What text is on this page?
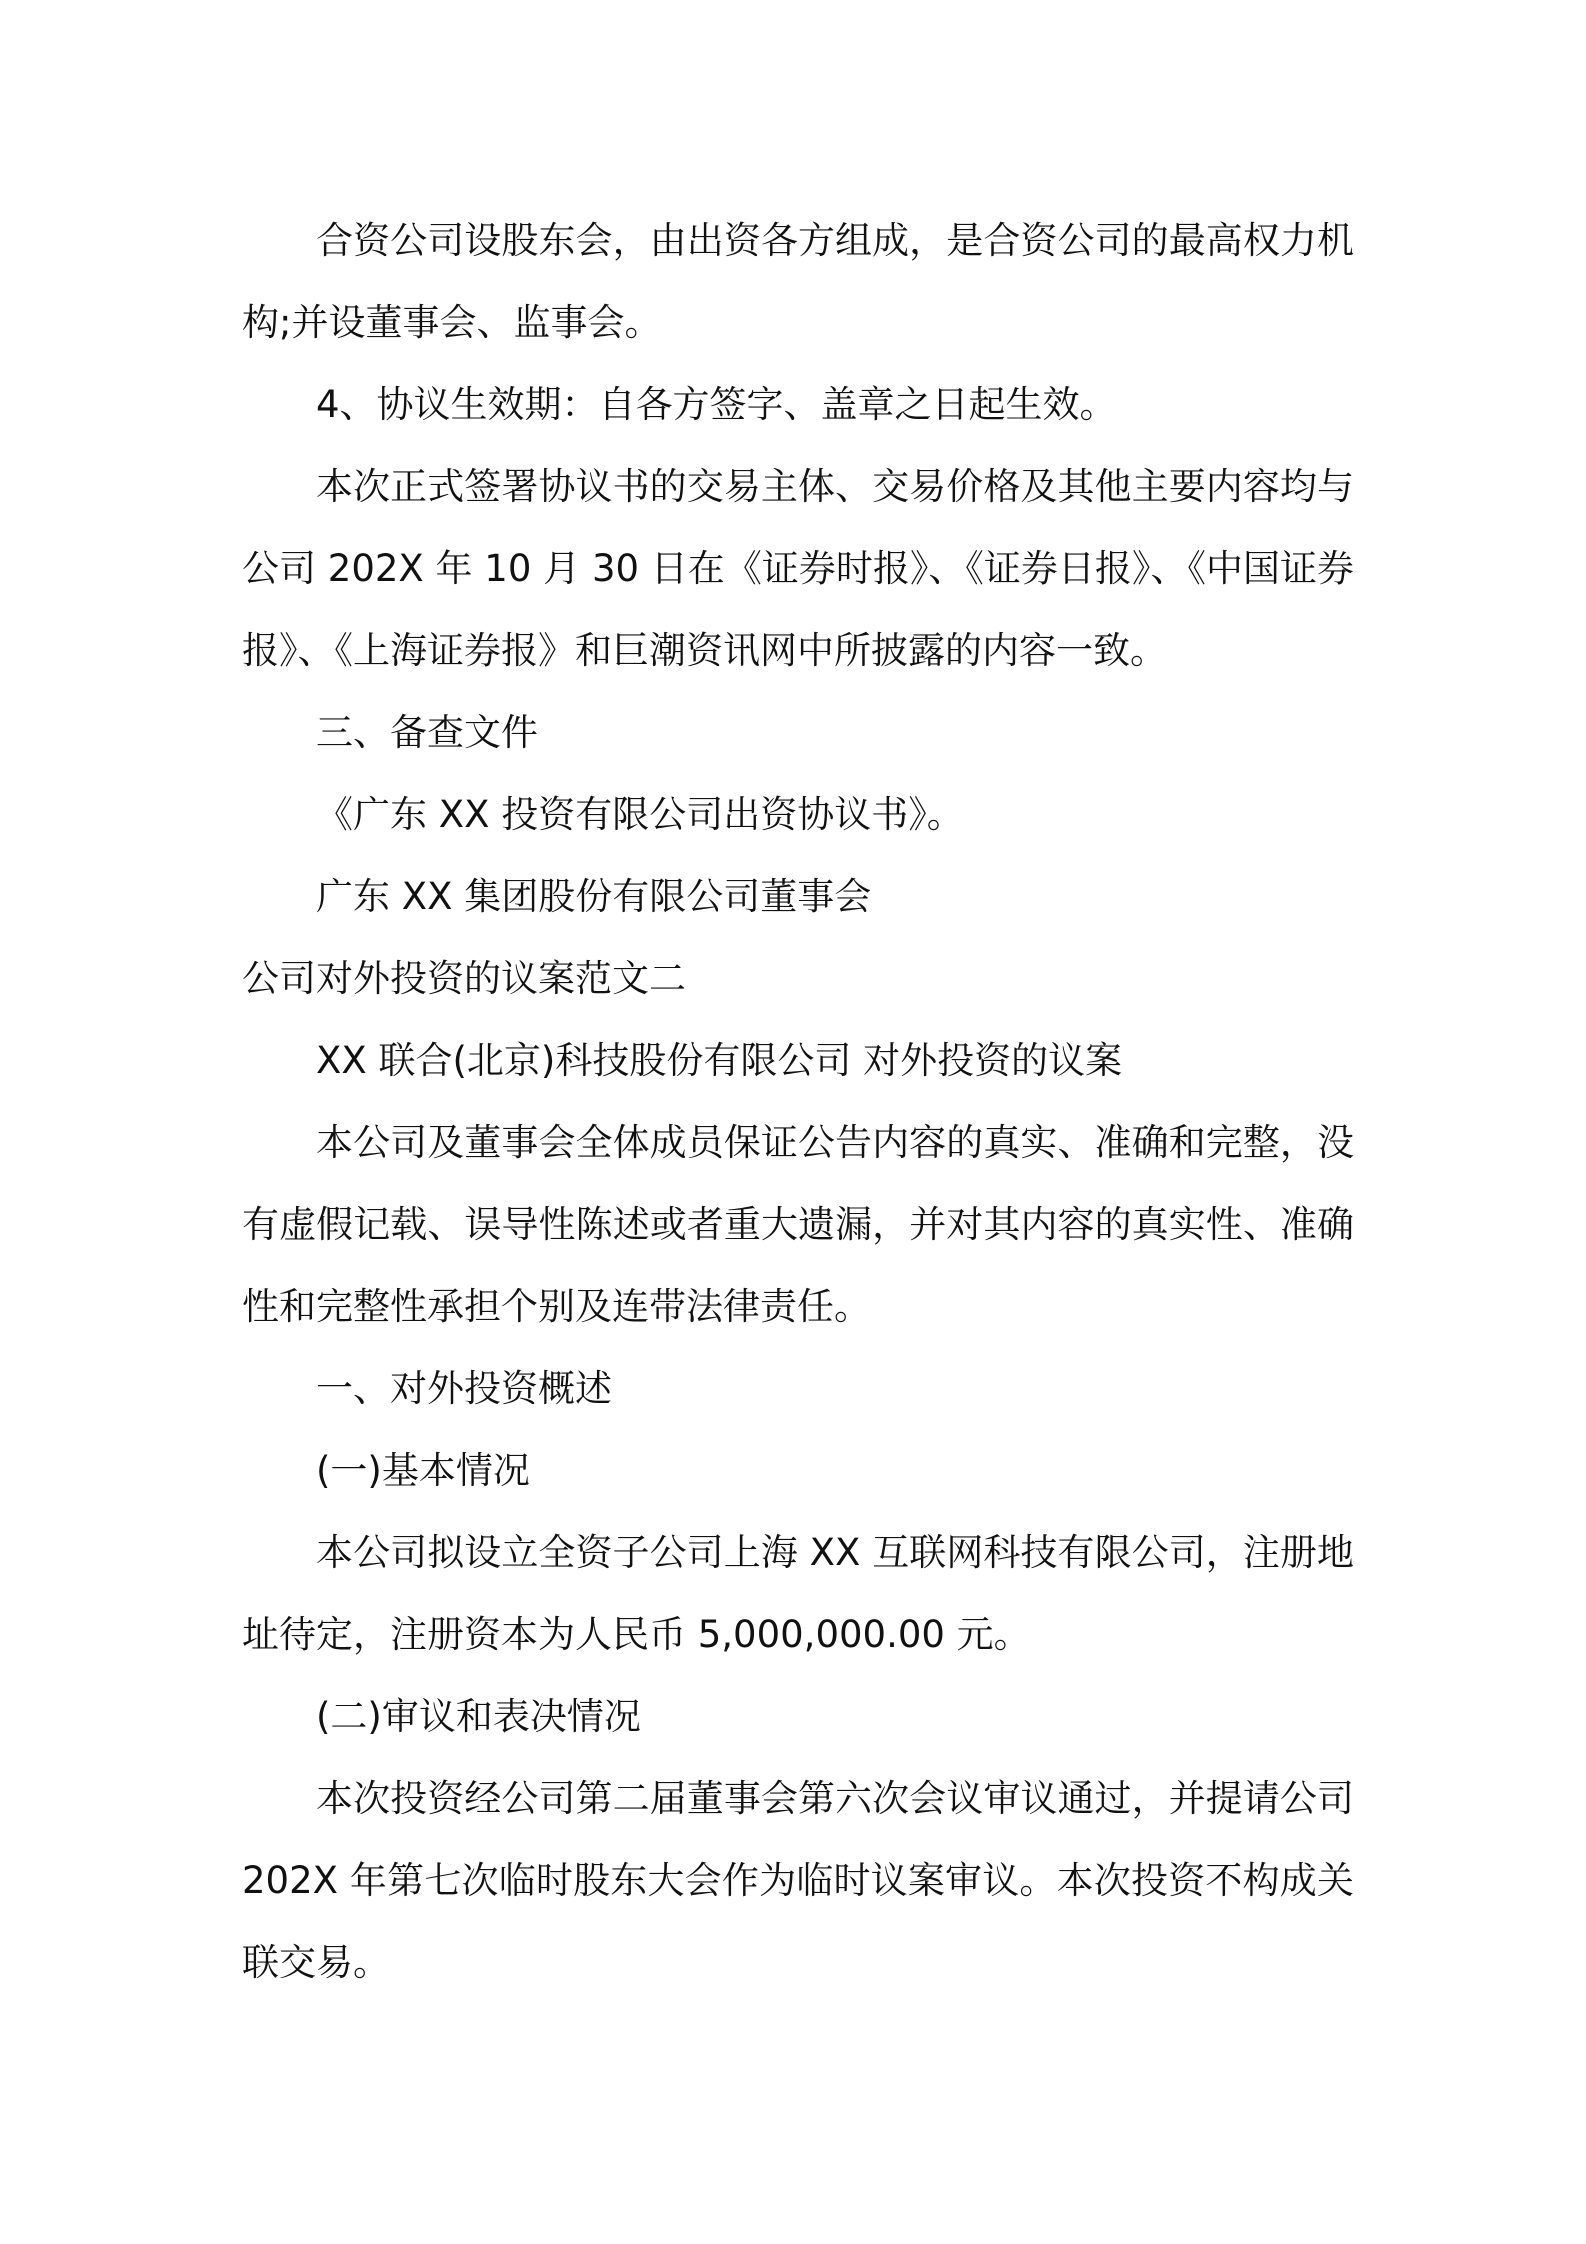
合资公司设股东会，由出资各方组成，是合资公司的最高权力机构;并设董事会、监事会。

4、协议生效期：自各方签字、盖章之日起生效。

本次正式签署协议书的交易主体、交易价格及其他主要内容均与公司 202X 年 10 月 30 日在《证券时报》、《证券日报》、《中国证券报》、《上海证券报》和巨潮资讯网中所披露的内容一致。

三、备查文件

《广东 XX 投资有限公司出资协议书》。

广东 XX 集团股份有限公司董事会

公司对外投资的议案范文二

XX 联合(北京)科技股份有限公司 对外投资的议案

本公司及董事会全体成员保证公告内容的真实、准确和完整，没有虚假记载、误导性陈述或者重大遗漏，并对其内容的真实性、准确性和完整性承担个别及连带法律责任。

一、对外投资概述

(一)基本情况

本公司拟设立全资子公司上海 XX 互联网科技有限公司，注册地址待定，注册资本为人民币 5,000,000.00 元。

(二)审议和表决情况

本次投资经公司第二届董事会第六次会议审议通过，并提请公司 202X 年第七次临时股东大会作为临时议案审议。本次投资不构成关联交易。
